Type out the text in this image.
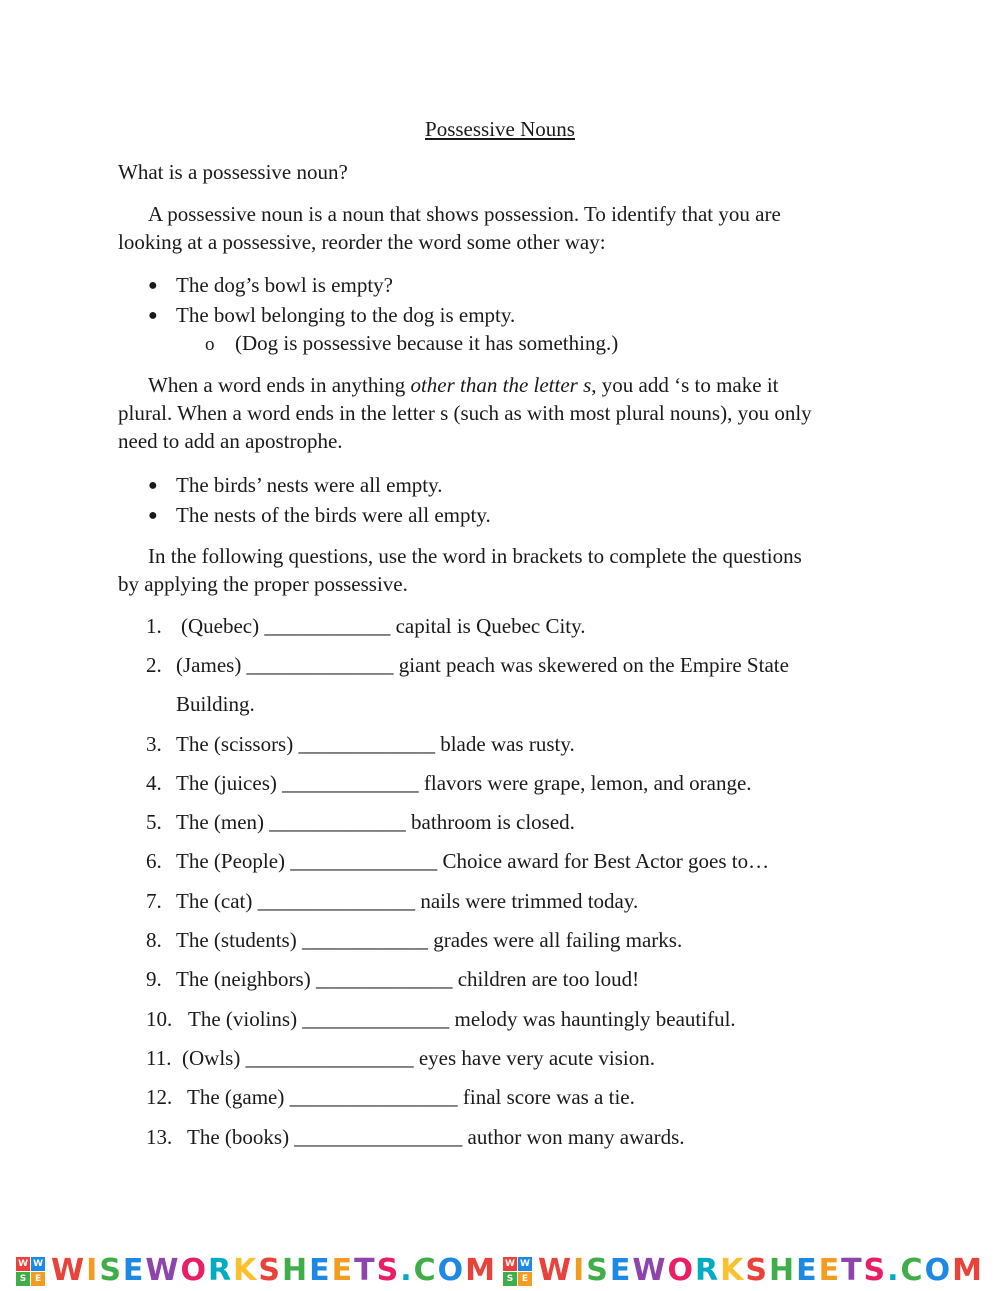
Possessive Nouns
What is a possessive noun?
A possessive noun is a noun that shows possession. To identify that you are
looking at a possessive, reorder the word some other way:
● The dog’s bowl is empty?
● The bowl belonging to the dog is empty.
o (Dog is possessive because it has something.)
When a word ends in anything other than the letter s, you add ‘s to make it
plural. When a word ends in the letter s (such as with most plural nouns), you only
need to add an apostrophe.
● The birds’ nests were all empty.
● The nests of the birds were all empty.
In the following questions, use the word in brackets to complete the questions
by applying the proper possessive.
1. (Quebec) ____________ capital is Quebec City.
2. (James) ______________ giant peach was skewered on the Empire State
Building.
3. The (scissors) _____________ blade was rusty.
4. The (juices) _____________ flavors were grape, lemon, and orange.
5. The (men) _____________ bathroom is closed.
6. The (People) ______________ Choice award for Best Actor goes to…
7. The (cat) _______________ nails were trimmed today.
8. The (students) ____________ grades were all failing marks.
9. The (neighbors) _____________ children are too loud!
10. The (violins) ______________ melody was hauntingly beautiful.
11. (Owls) ________________ eyes have very acute vision.
12. The (game) ________________ final score was a tie.
13. The (books) ________________ author won many awards.
W W
S E WISEWORKSHEETS.COM W W
S E WISEWORKSHEETS.COM
